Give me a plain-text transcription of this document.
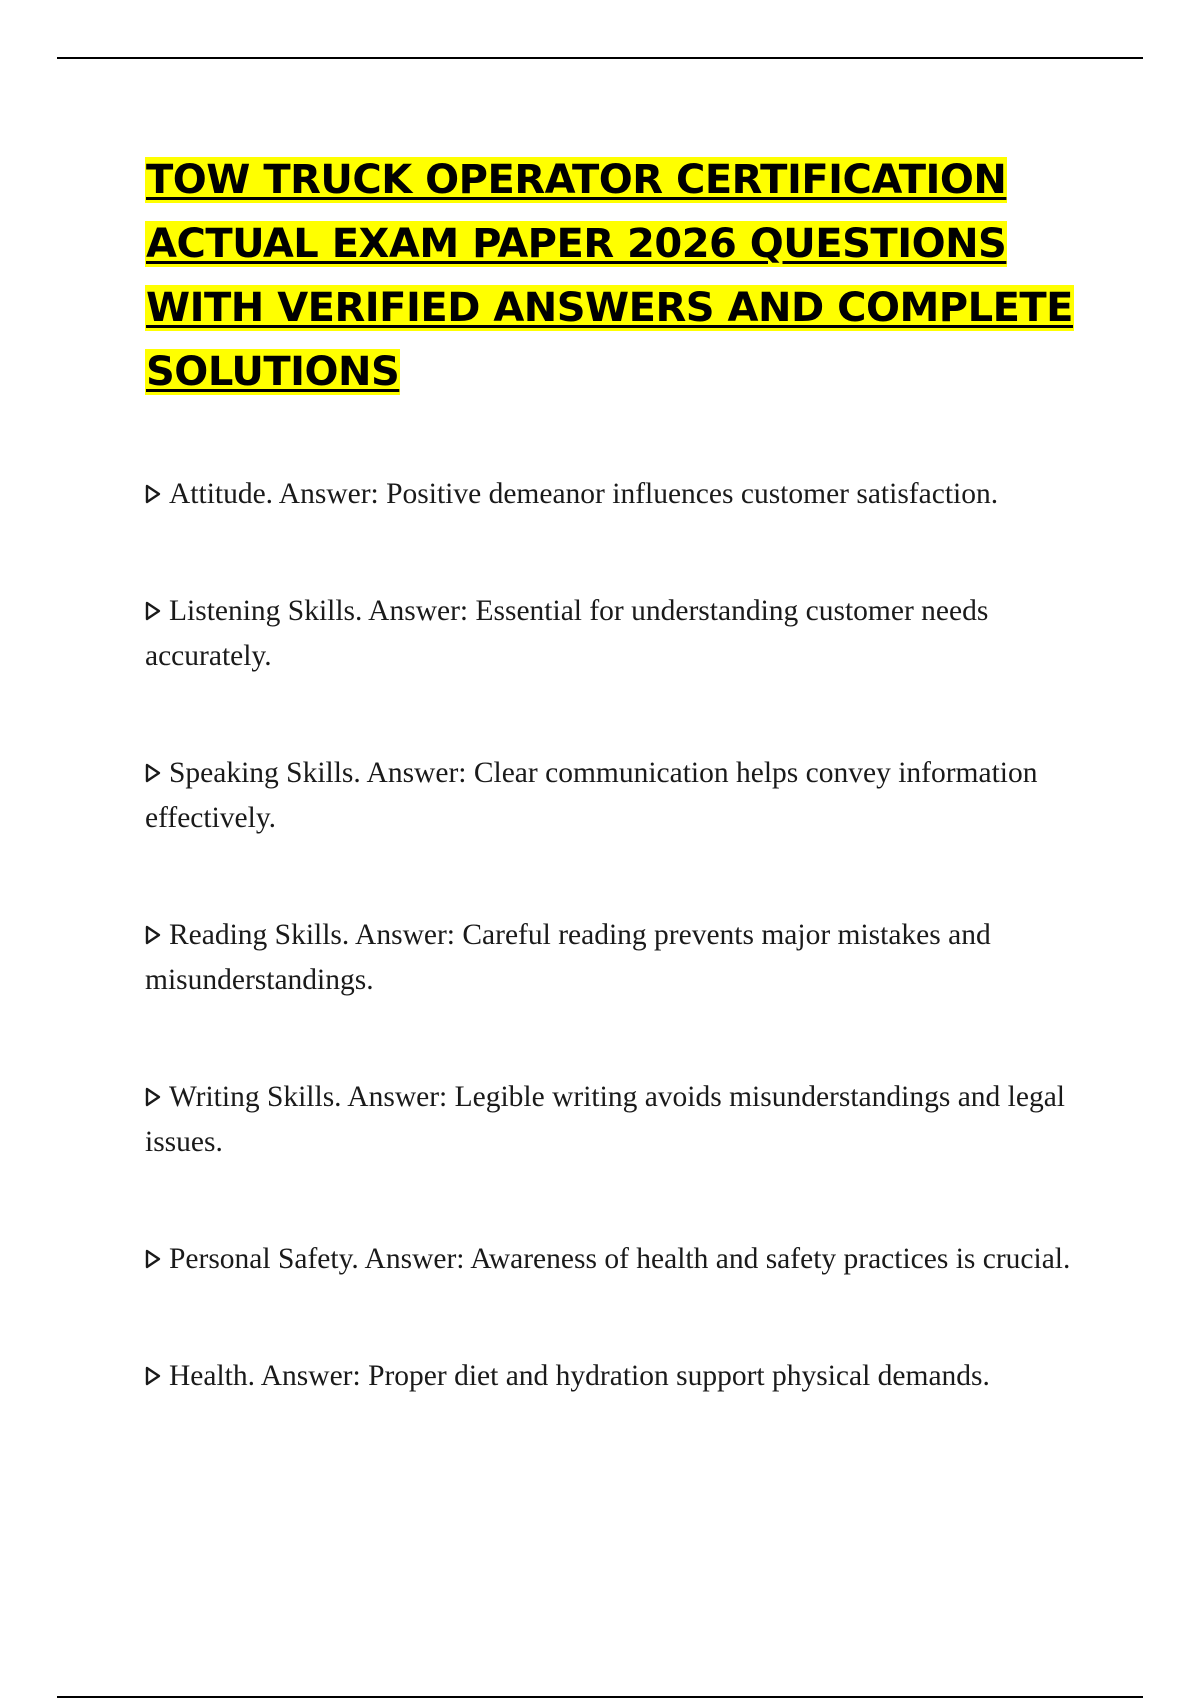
TOW TRUCK OPERATOR CERTIFICATION ACTUAL EXAM PAPER 2026 QUESTIONS WITH VERIFIED ANSWERS AND COMPLETE SOLUTIONS
Attitude. Answer: Positive demeanor influences customer satisfaction.
Listening Skills. Answer: Essential for understanding customer needs accurately.
Speaking Skills. Answer: Clear communication helps convey information effectively.
Reading Skills. Answer: Careful reading prevents major mistakes and misunderstandings.
Writing Skills. Answer: Legible writing avoids misunderstandings and legal issues.
Personal Safety. Answer: Awareness of health and safety practices is crucial.
Health. Answer: Proper diet and hydration support physical demands.
